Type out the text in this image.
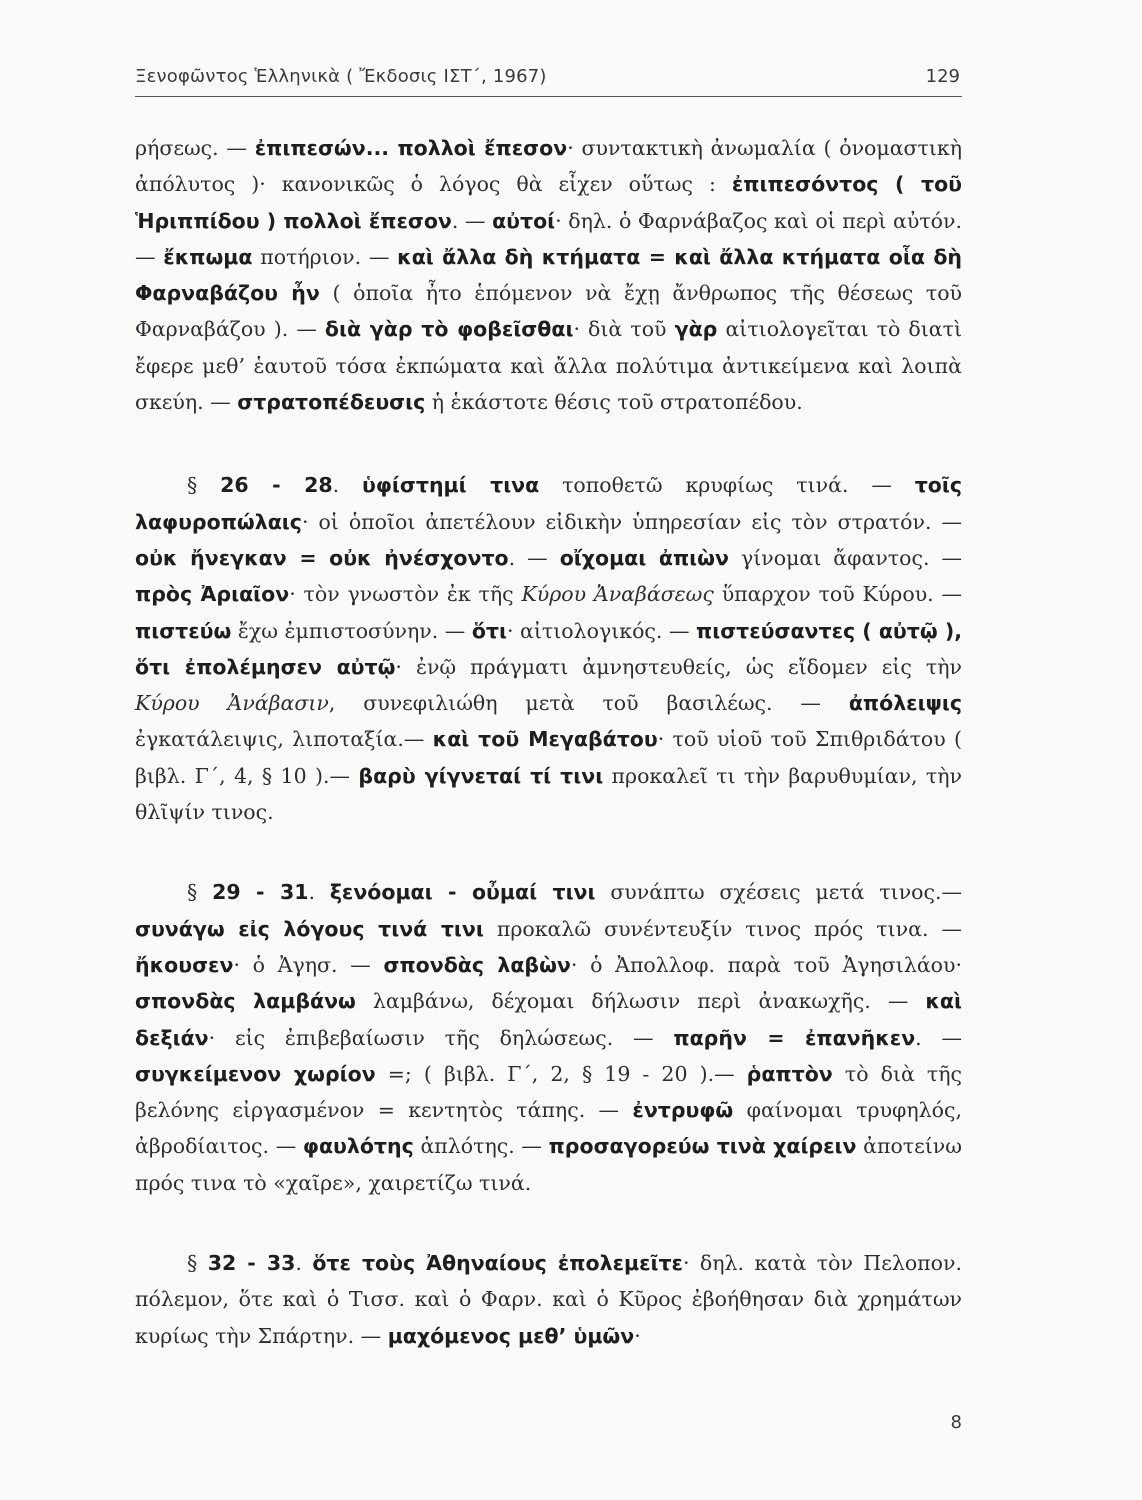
Ξενοφῶντος Ἑλληνικὰ ( Ἔκδοσις ΙΣΤ΄, 1967)	129

ρήσεως. — ἐπιπεσών... πολλοὶ ἔπεσον· συντακτικὴ ἀνωμαλία ( ὀνομαστικὴ ἀπόλυτος )· κανονικῶς ὁ λόγος θὰ εἶχεν οὕτως : ἐπιπεσόντος ( τοῦ Ἡριππίδου ) πολλοὶ ἔπεσον. — αὐτοί· δηλ. ὁ Φαρνάβαζος καὶ οἱ περὶ αὐτόν. — ἔκπωμα ποτήριον. — καὶ ἄλλα δὴ κτήματα = καὶ ἄλλα κτήματα οἷα δὴ Φαρναβάζου ἦν ( ὁποῖα ἦτο ἑπόμενον νὰ ἔχῃ ἄνθρωπος τῆς θέσεως τοῦ Φαρναβάζου ). — διὰ γὰρ τὸ φοβεῖσθαι· διὰ τοῦ γὰρ αἰτιολογεῖται τὸ διατὶ ἔφερε μεθ’ ἑαυτοῦ τόσα ἐκπώματα καὶ ἄλλα πολύτιμα ἀντικείμενα καὶ λοιπὰ σκεύη. — στρατοπέδευσις ἡ ἑκάστοτε θέσις τοῦ στρατοπέδου.

§ 26 - 28. ὑφίστημί τινα τοποθετῶ κρυφίως τινά. — τοῖς λαφυροπώλαις· οἱ ὁποῖοι ἀπετέλουν εἰδικὴν ὑπηρεσίαν εἰς τὸν στρατόν. — οὐκ ἤνεγκαν = οὐκ ἠνέσχοντο. — οἴχομαι ἀπιὼν γίνομαι ἄφαντος. — πρὸς Ἀριαῖον· τὸν γνωστὸν ἐκ τῆς Κύρου Ἀναβάσεως ὕπαρχον τοῦ Κύρου. — πιστεύω ἔχω ἐμπιστοσύνην. — ὅτι· αἰτιολογικός. — πιστεύσαντες ( αὐτῷ ), ὅτι ἐπολέμησεν αὐτῷ· ἐνῷ πράγματι ἀμνηστευθείς, ὡς εἴδομεν εἰς τὴν Κύρου Ἀνάβασιν, συνεφιλιώθη μετὰ τοῦ βασιλέως. — ἀπόλειψις ἐγκατάλειψις, λιποταξία.— καὶ τοῦ Μεγαβάτου· τοῦ υἱοῦ τοῦ Σπιθριδάτου ( βιβλ. Γ΄, 4, § 10 ).— βαρὺ γίγνεταί τί τινι προκαλεῖ τι τὴν βαρυθυμίαν, τὴν θλῖψίν τινος.

§ 29 - 31. ξενόομαι - οὖμαί τινι συνάπτω σχέσεις μετά τινος.— συνάγω εἰς λόγους τινά τινι προκαλῶ συνέντευξίν τινος πρός τινα. — ἤκουσεν· ὁ Ἀγησ. — σπονδὰς λαβὼν· ὁ Ἀπολλοφ. παρὰ τοῦ Ἀγησιλάου· σπονδὰς λαμβάνω λαμβάνω, δέχομαι δήλωσιν περὶ ἀνακωχῆς. — καὶ δεξιάν· εἰς ἐπιβεβαίωσιν τῆς δηλώσεως. — παρῆν = ἐπανῆκεν. — συγκείμενον χωρίον =; ( βιβλ. Γ΄, 2, § 19 - 20 ).— ῥαπτὸν τὸ διὰ τῆς βελόνης εἰργασμένον = κεντητὸς τάπης. — ἐντρυφῶ φαίνομαι τρυφηλός, ἀβροδίαιτος. — φαυλότης ἁπλότης. — προσαγορεύω τινὰ χαίρειν ἀποτείνω πρός τινα τὸ «χαῖρε», χαιρετίζω τινά.

§ 32 - 33. ὅτε τοὺς Ἀθηναίους ἐπολεμεῖτε· δηλ. κατὰ τὸν Πελοπον. πόλεμον, ὅτε καὶ ὁ Τισσ. καὶ ὁ Φαρν. καὶ ὁ Κῦρος ἐβοήθησαν διὰ χρημάτων κυρίως τὴν Σπάρτην. — μαχόμενος μεθ’ ὑμῶν·

8
